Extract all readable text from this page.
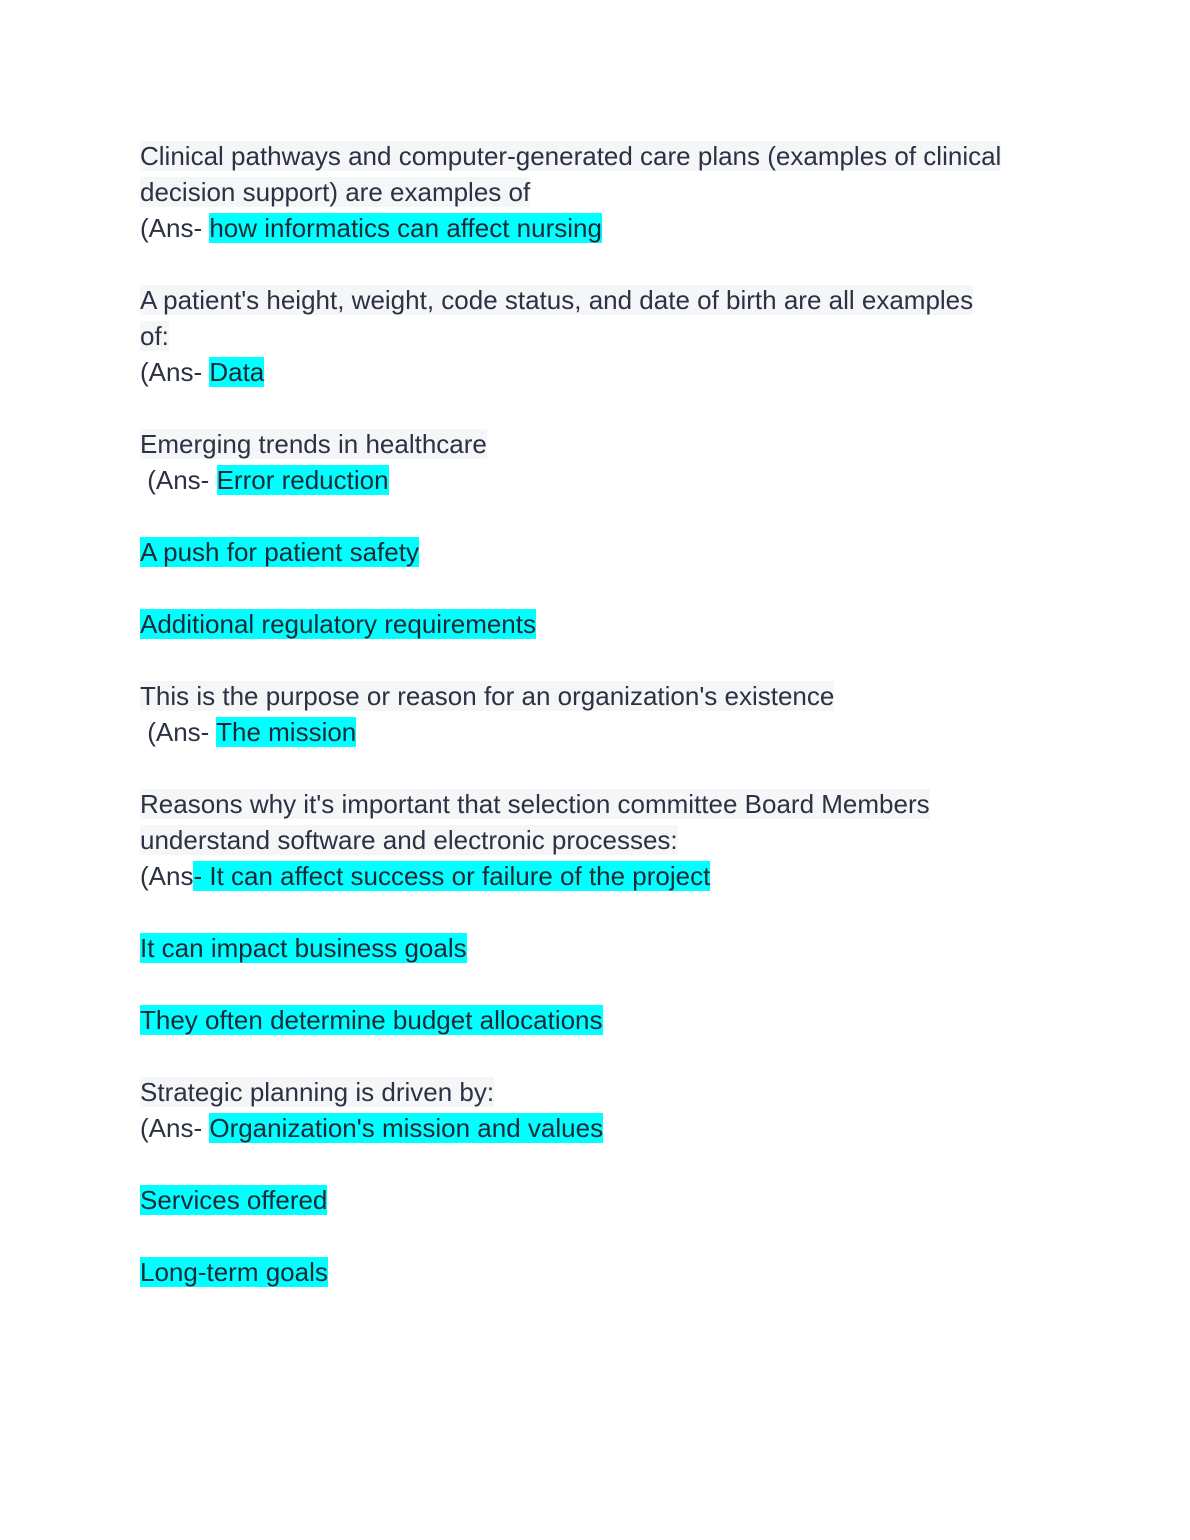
Clinical pathways and computer-generated care plans (examples of clinical
decision support) are examples of
(Ans- how informatics can affect nursing
A patient's height, weight, code status, and date of birth are all examples
of:
(Ans- Data
Emerging trends in healthcare
(Ans- Error reduction
A push for patient safety
Additional regulatory requirements
This is the purpose or reason for an organization's existence
(Ans- The mission
Reasons why it's important that selection committee Board Members
understand software and electronic processes:
(Ans- It can affect success or failure of the project
It can impact business goals
They often determine budget allocations
Strategic planning is driven by:
(Ans- Organization's mission and values
Services offered
Long-term goals
